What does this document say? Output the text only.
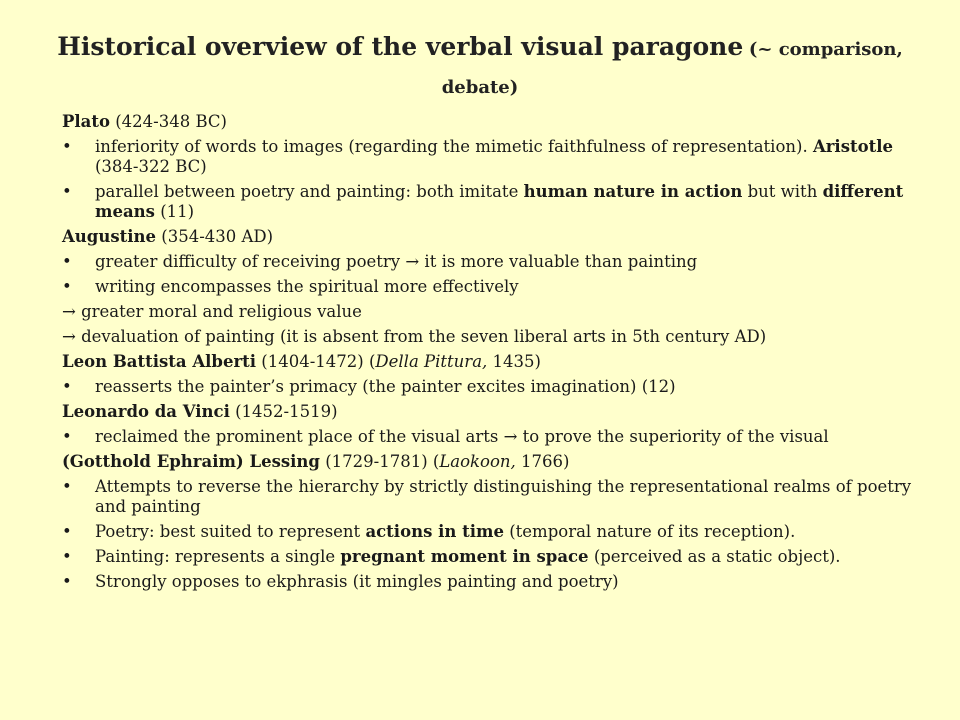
Historical overview of the verbal visual paragone (~ comparison, debate)
Plato (424-348 BC)
• inferiority of words to images (regarding the mimetic faithfulness of representation). Aristotle (384-322 BC)
• parallel between poetry and painting: both imitate human nature in action but with different means (11)
Augustine (354-430 AD)
• greater difficulty of receiving poetry → it is more valuable than painting
• writing encompasses the spiritual more effectively
→ greater moral and religious value
→ devaluation of painting (it is absent from the seven liberal arts in 5th century AD)
Leon Battista Alberti (1404-1472) (Della Pittura, 1435)
• reasserts the painter’s primacy (the painter excites imagination) (12)
Leonardo da Vinci (1452-1519)
• reclaimed the prominent place of the visual arts → to prove the superiority of the visual
(Gotthold Ephraim) Lessing (1729-1781) (Laokoon, 1766)
• Attempts to reverse the hierarchy by strictly distinguishing the representational realms of poetry and painting
• Poetry: best suited to represent actions in time (temporal nature of its reception).
• Painting: represents a single pregnant moment in space (perceived as a static object).
• Strongly opposes to ekphrasis (it mingles painting and poetry)
